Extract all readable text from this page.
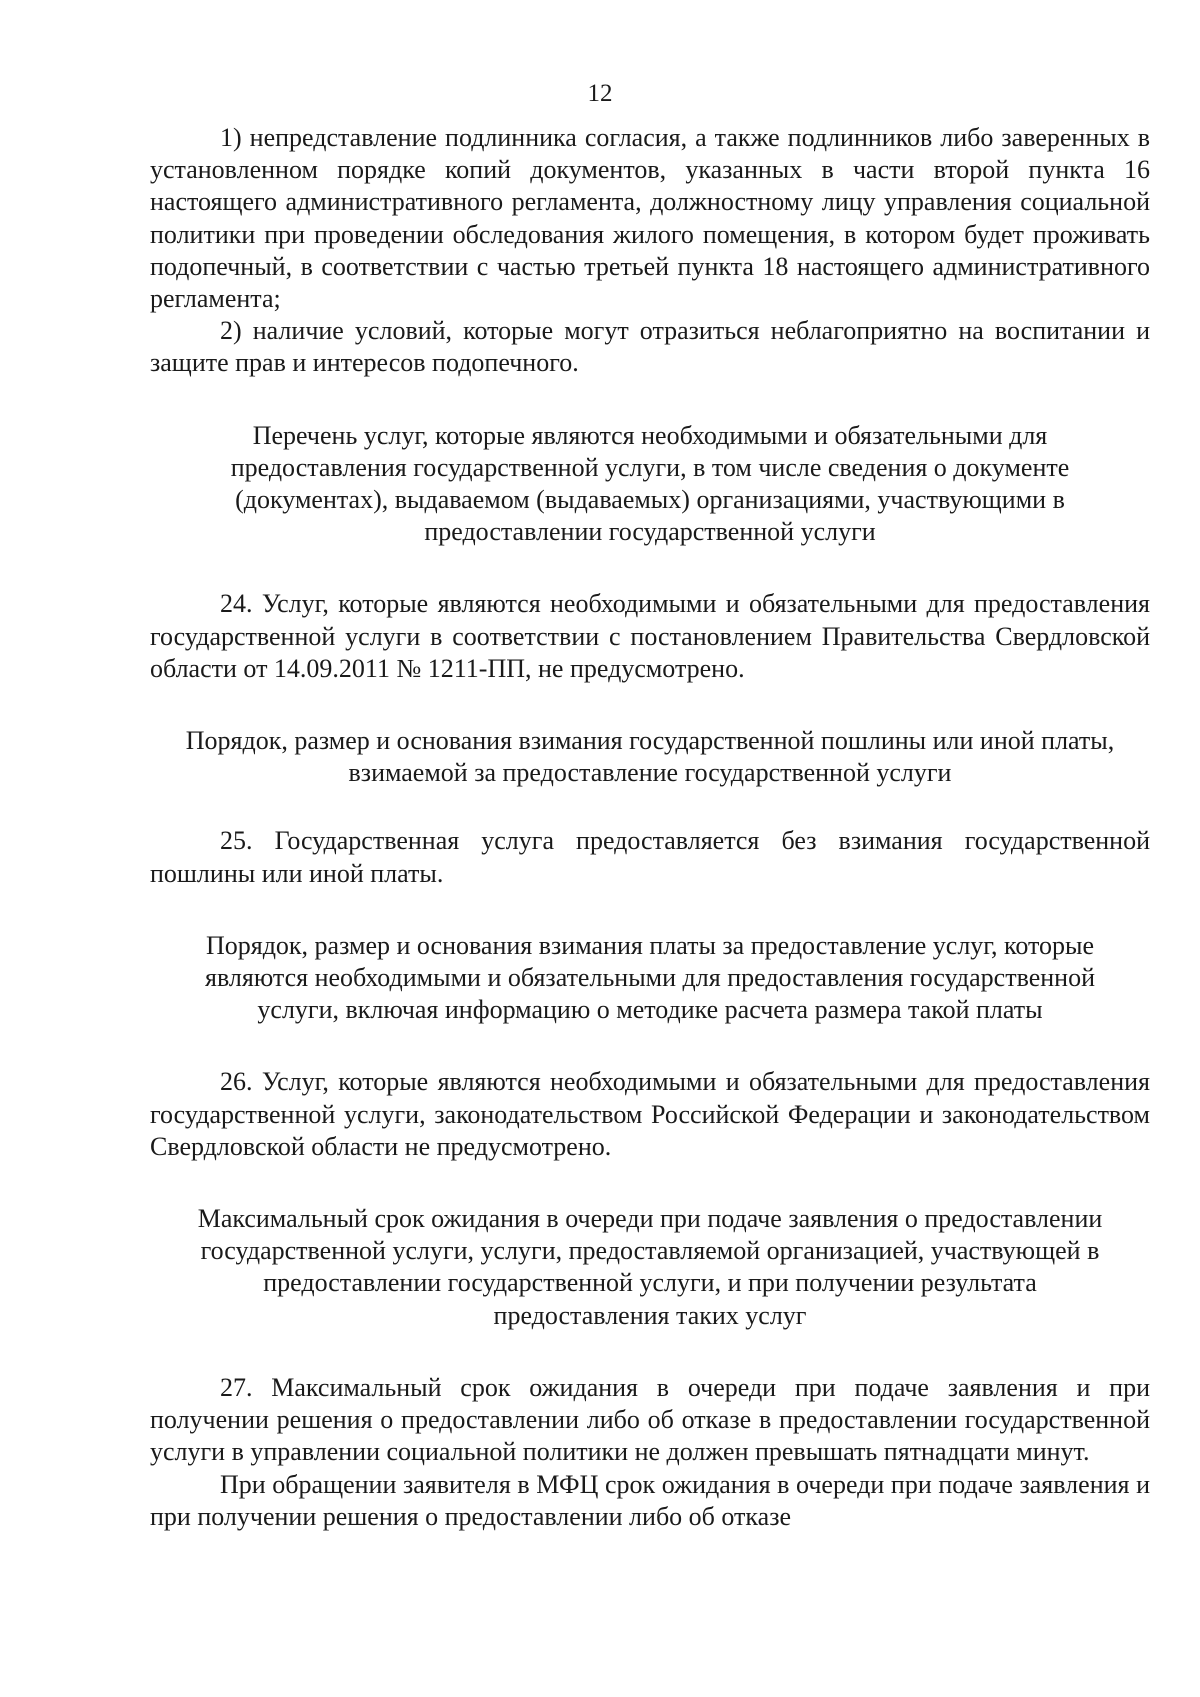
12

1) непредставление подлинника согласия, а также подлинников либо заверенных в установленном порядке копий документов, указанных в части второй пункта 16 настоящего административного регламента, должностному лицу управления социальной политики при проведении обследования жилого помещения, в котором будет проживать подопечный, в соответствии с частью третьей пункта 18 настоящего административного регламента;

2) наличие условий, которые могут отразиться неблагоприятно на воспитании и защите прав и интересов подопечного.

Перечень услуг, которые являются необходимыми и обязательными для предоставления государственной услуги, в том числе сведения о документе (документах), выдаваемом (выдаваемых) организациями, участвующими в предоставлении государственной услуги

24. Услуг, которые являются необходимыми и обязательными для предоставления государственной услуги в соответствии с постановлением Правительства Свердловской области от 14.09.2011 № 1211-ПП, не предусмотрено.

Порядок, размер и основания взимания государственной пошлины или иной платы, взимаемой за предоставление государственной услуги

25. Государственная услуга предоставляется без взимания государственной пошлины или иной платы.

Порядок, размер и основания взимания платы за предоставление услуг, которые являются необходимыми и обязательными для предоставления государственной услуги, включая информацию о методике расчета размера такой платы

26. Услуг, которые являются необходимыми и обязательными для предоставления государственной услуги, законодательством Российской Федерации и законодательством Свердловской области не предусмотрено.

Максимальный срок ожидания в очереди при подаче заявления о предоставлении государственной услуги, услуги, предоставляемой организацией, участвующей в предоставлении государственной услуги, и при получении результата предоставления таких услуг

27. Максимальный срок ожидания в очереди при подаче заявления и при получении решения о предоставлении либо об отказе в предоставлении государственной услуги в управлении социальной политики не должен превышать пятнадцати минут.

При обращении заявителя в МФЦ срок ожидания в очереди при подаче заявления и при получении решения о предоставлении либо об отказе
